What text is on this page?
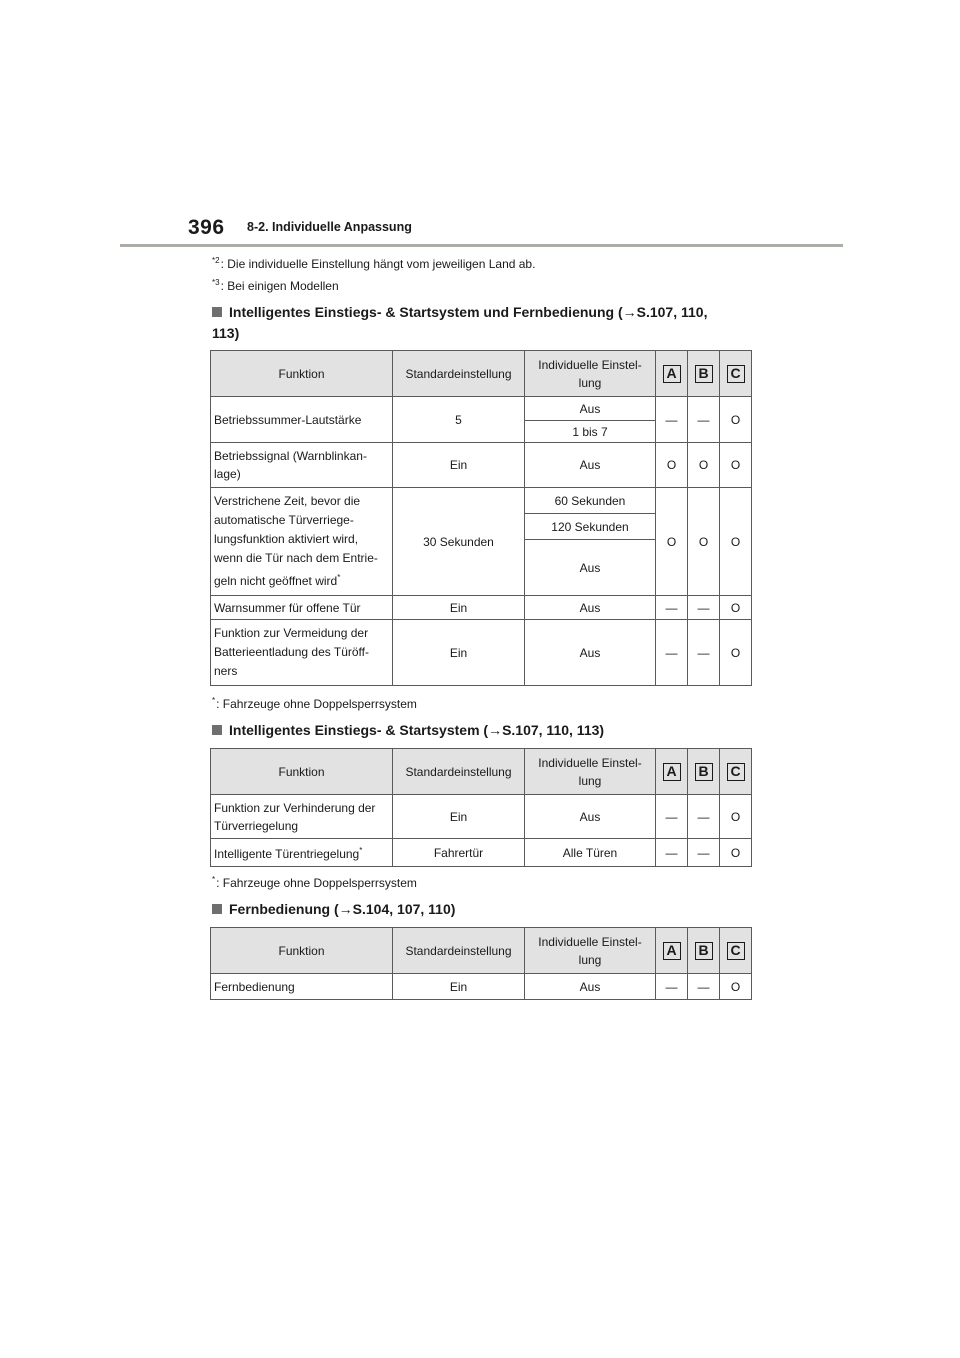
396 8-2. Individuelle Anpassung
$^{*2}$: Die individuelle Einstellung hängt vom jeweiligen Land ab.
$^{*3}$: Bei einigen Modellen
Intelligentes Einstiegs- & Startsystem und Fernbedienung (→S.107, 110,
113)
Funktion	Standardeinstellung	Individuelle Einstel-
lung	A	B	C
Betriebssummer-Lautstärke	5	Aus	—	—	O
		1 bis 7			
Betriebssignal (Warnblinkan-
lage)	Ein	Aus	O	O	O
Verstrichene Zeit, bevor die
automatische Türverriege-
lungsfunktion aktiviert wird,
wenn die Tür nach dem Entrie-
geln nicht geöffnet wird*	30 Sekunden	60 Sekunden	O	O	O
		120 Sekunden			
		Aus			
Warnsummer für offene Tür	Ein	Aus	—	—	O
Funktion zur Vermeidung der
Batterieentladung des Türöff-
ners	Ein	Aus	—	—	O
*: Fahrzeuge ohne Doppelsperrsystem
Intelligentes Einstiegs- & Startsystem (→S.107, 110, 113)
Funktion	Standardeinstellung	Individuelle Einstel-
lung	A	B	C
Funktion zur Verhinderung der
Türverriegelung	Ein	Aus	—	—	O
Intelligente Türentriegelung*	Fahrertür	Alle Türen	—	—	O
*: Fahrzeuge ohne Doppelsperrsystem
Fernbedienung (→S.104, 107, 110)
Funktion	Standardeinstellung	Individuelle Einstel-
lung	A	B	C
Fernbedienung	Ein	Aus	—	—	O
